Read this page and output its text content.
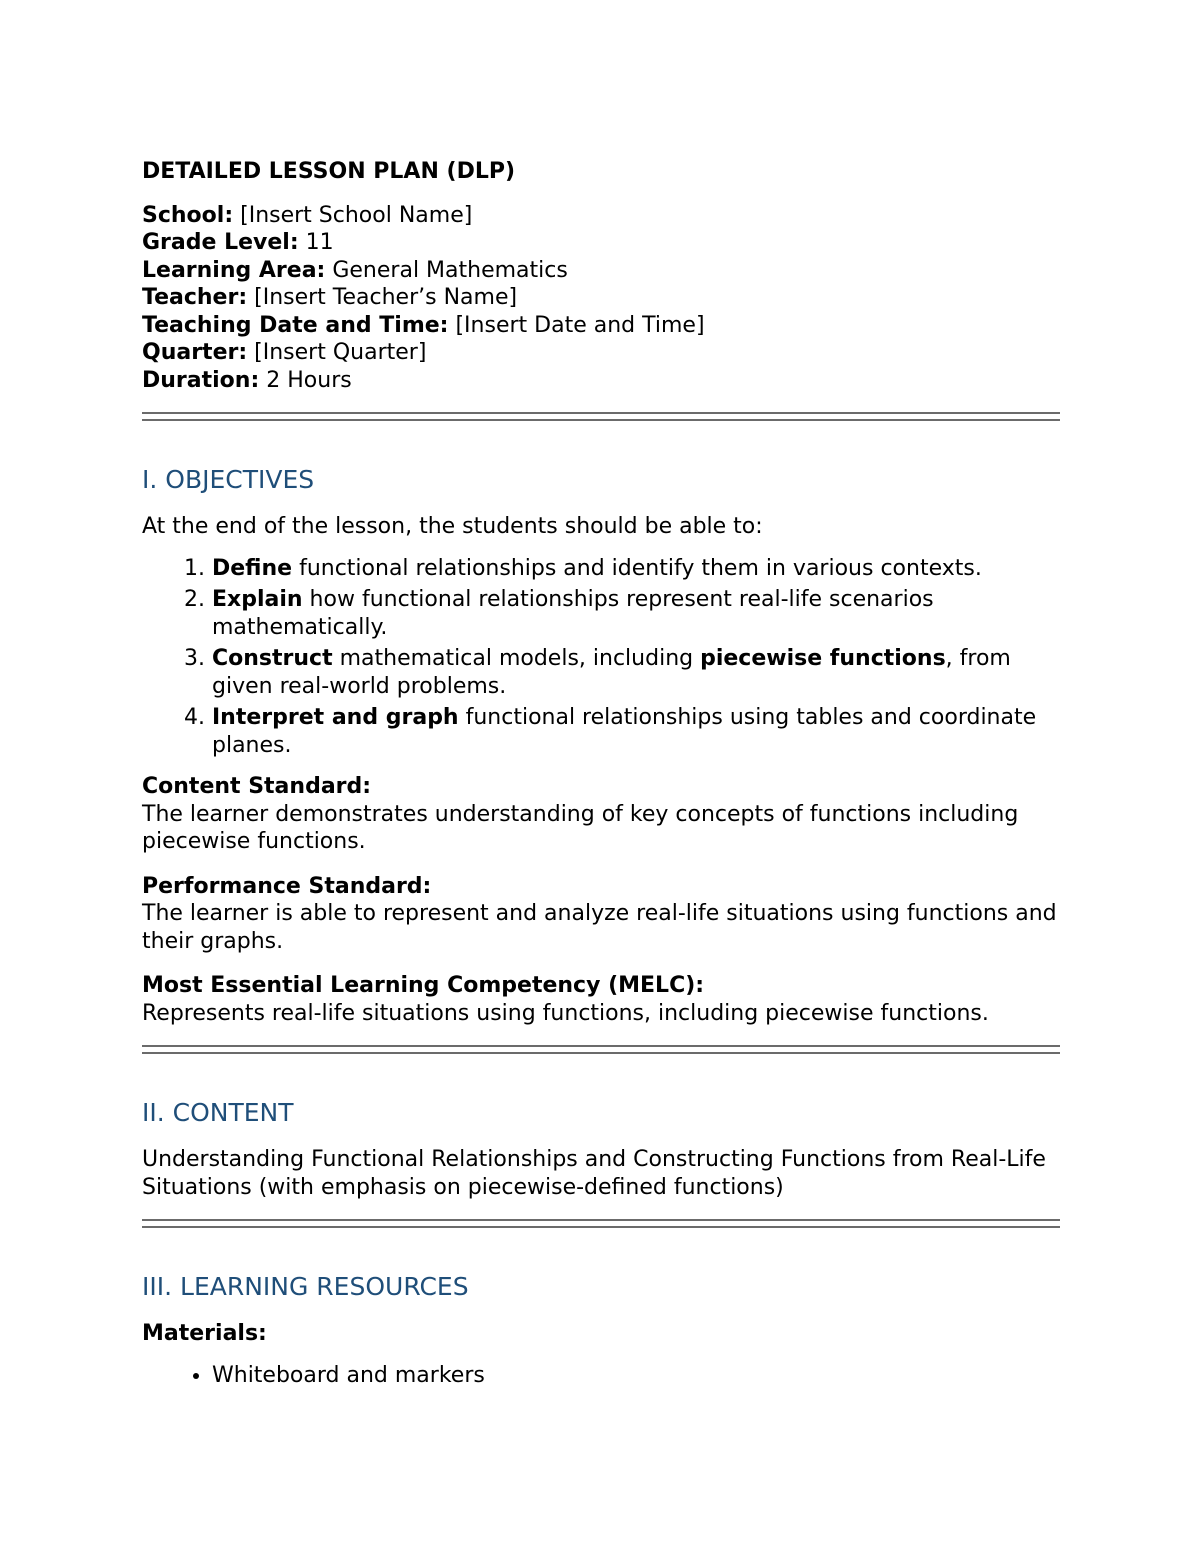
DETAILED LESSON PLAN (DLP)

School: [Insert School Name]

Grade Level: 11

Learning Area: General Mathematics

Teacher: [Insert Teacher’s Name]

Teaching Date and Time: [Insert Date and Time]

Quarter: [Insert Quarter]

Duration: 2 Hours

I. OBJECTIVES

At the end of the lesson, the students should be able to:

1. Define functional relationships and identify them in various contexts.
2. Explain how functional relationships represent real-life scenarios mathematically.
3. Construct mathematical models, including piecewise functions, from given real-world problems.
4. Interpret and graph functional relationships using tables and coordinate planes.

Content Standard:

The learner demonstrates understanding of key concepts of functions including piecewise functions.

Performance Standard:

The learner is able to represent and analyze real-life situations using functions and their graphs.

Most Essential Learning Competency (MELC):

Represents real-life situations using functions, including piecewise functions.

II. CONTENT

Understanding Functional Relationships and Constructing Functions from Real-Life Situations (with emphasis on piecewise-defined functions)

III. LEARNING RESOURCES

Materials:

• Whiteboard and markers
